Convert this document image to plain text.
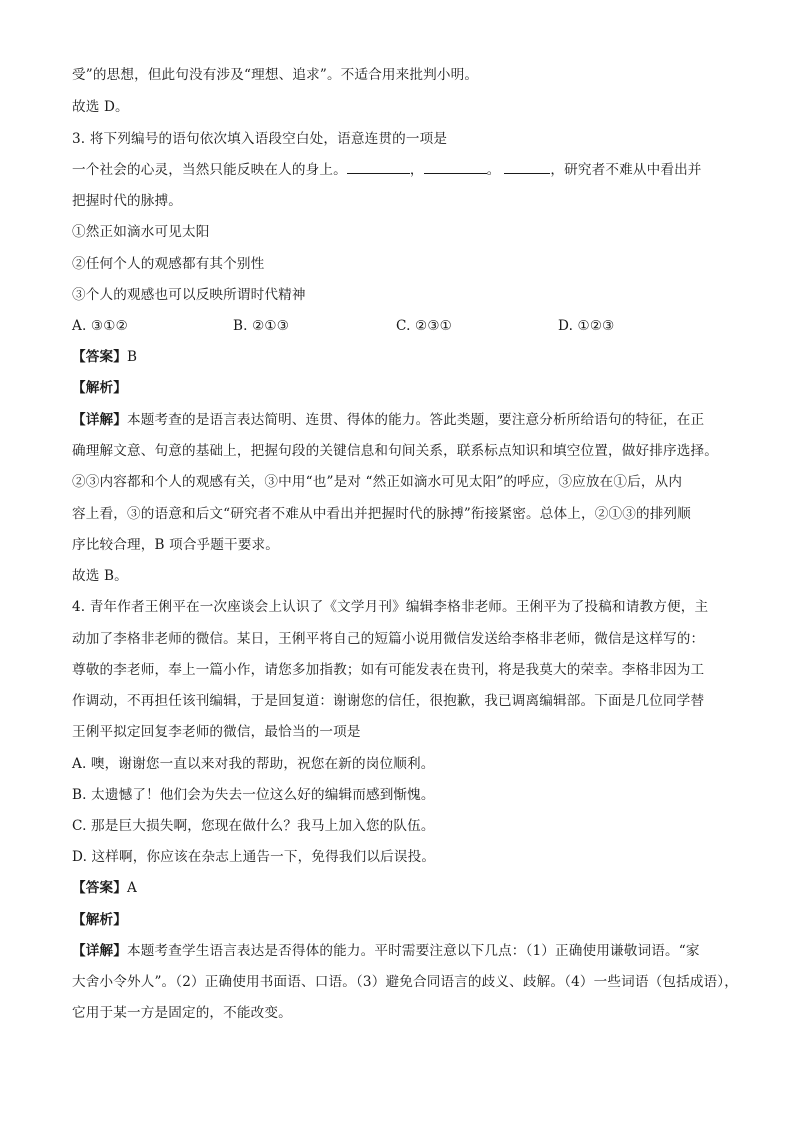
受”的思想，但此句没有涉及“理想、追求”。不适合用来批判小明。
故选 D。
3. 将下列编号的语句依次填入语段空白处，语意连贯的一项是
一个社会的心灵，当然只能反映在人的身上。	，	。	，研究者不难从中看出并
把握时代的脉搏。
①然正如滴水可见太阳
②任何个人的观感都有其个别性
③个人的观感也可以反映所谓时代精神
A. ③①②	B. ②①③	C. ②③①	D. ①②③
【答案】B
【解析】
【详解】本题考查的是语言表达简明、连贯、得体的能力。答此类题，要注意分析所给语句的特征，在正
确理解文意、句意的基础上，把握句段的关键信息和句间关系，联系标点知识和填空位置，做好排序选择。
②③内容都和个人的观感有关，③中用“也”是对 “然正如滴水可见太阳”的呼应，③应放在①后，从内
容上看，③的语意和后文“研究者不难从中看出并把握时代的脉搏”衔接紧密。总体上，②①③的排列顺
序比较合理，B 项合乎题干要求。
故选 B。
4. 青年作者王俐平在一次座谈会上认识了《文学月刊》编辑李格非老师。王俐平为了投稿和请教方便，主
动加了李格非老师的微信。某日，王俐平将自己的短篇小说用微信发送给李格非老师，微信是这样写的：
尊敬的李老师，奉上一篇小作，请您多加指教；如有可能发表在贵刊，将是我莫大的荣幸。李格非因为工
作调动，不再担任该刊编辑，于是回复道：谢谢您的信任，很抱歉，我已调离编辑部。下面是几位同学替
王俐平拟定回复李老师的微信，最恰当的一项是
A. 噢，谢谢您一直以来对我的帮助，祝您在新的岗位顺利。
B. 太遗憾了！他们会为失去一位这么好的编辑而感到惭愧。
C. 那是巨大损失啊，您现在做什么？我马上加入您的队伍。
D. 这样啊，你应该在杂志上通告一下，免得我们以后误投。
【答案】A
【解析】
【详解】本题考查学生语言表达是否得体的能力。平时需要注意以下几点：（1）正确使用谦敬词语。“家
大舍小令外人”。（2）正确使用书面语、口语。（3）避免合同语言的歧义、歧解。（4）一些词语（包括成语），
它用于某一方是固定的，不能改变。
